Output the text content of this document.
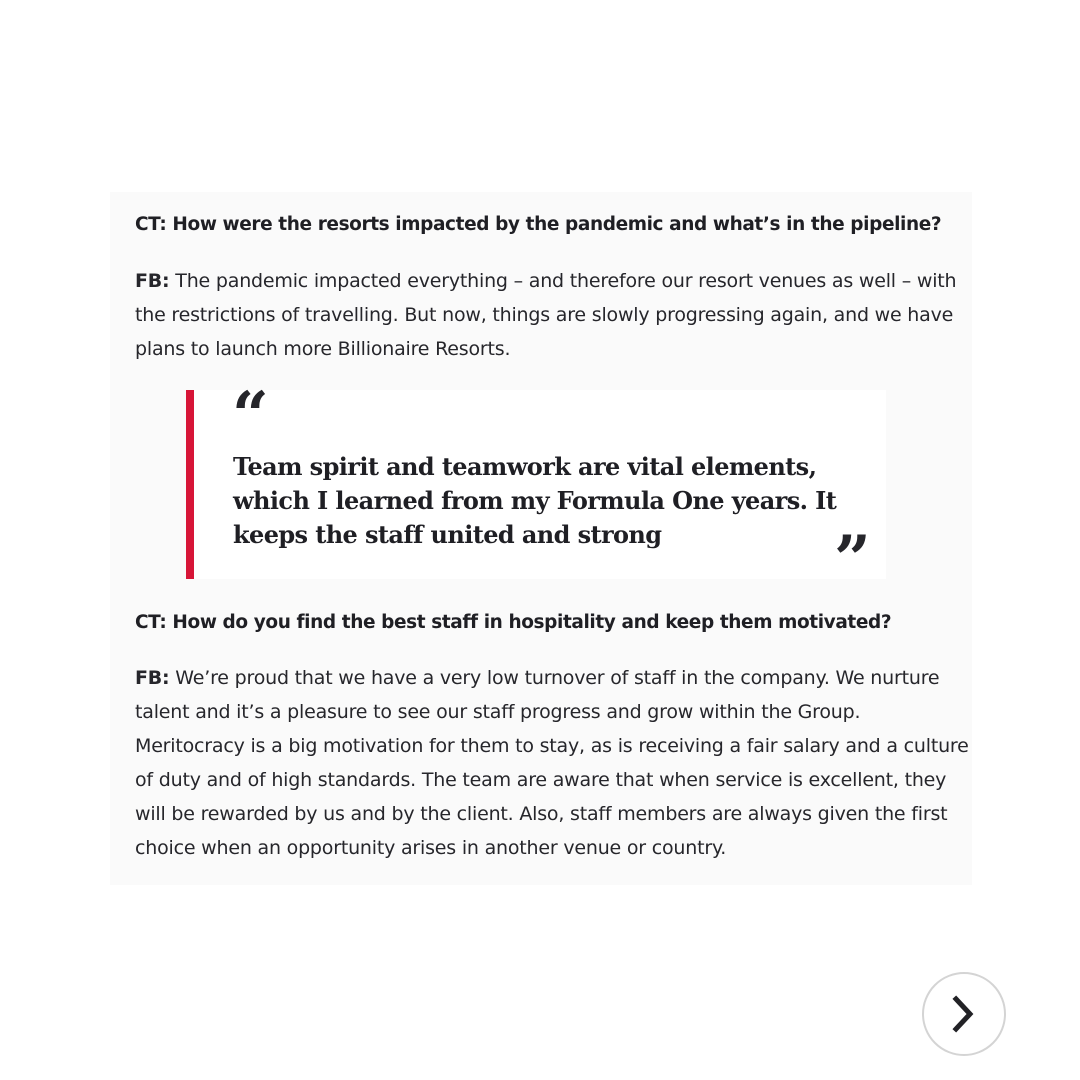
CT: How were the resorts impacted by the pandemic and what’s in the pipeline?
FB: The pandemic impacted everything – and therefore our resort venues as well – with
the restrictions of travelling. But now, things are slowly progressing again, and we have
plans to launch more Billionaire Resorts.
“
Team spirit and teamwork are vital elements,
which I learned from my Formula One years. It
keeps the staff united and strong	”
CT: How do you find the best staff in hospitality and keep them motivated?
FB: We’re proud that we have a very low turnover of staff in the company. We nurture
talent and it’s a pleasure to see our staff progress and grow within the Group.
Meritocracy is a big motivation for them to stay, as is receiving a fair salary and a culture
of duty and of high standards. The team are aware that when service is excellent, they
will be rewarded by us and by the client. Also, staff members are always given the first
choice when an opportunity arises in another venue or country.
